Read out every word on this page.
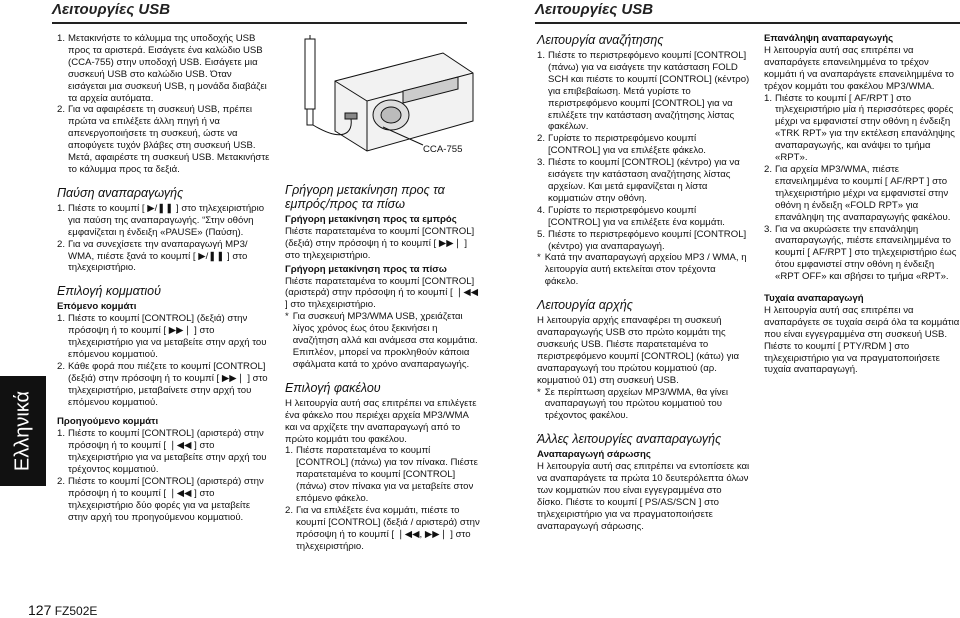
Λειτουργίες USB	Λειτουργίες USB
1. Μετακινήστε το κάλυμμα της υποδοχής USB προς τα αριστερά. Εισάγετε ένα καλώδιο USB (CCA-755) στην υποδοχή USB. Εισάγετε μια συσκευή USB στο καλώδιο USB. Όταν εισάγεται μια συσκευή USB, η μονάδα διαβάζει τα αρχεία αυτόματα.
2. Για να αφαιρέσετε τη συσκευή USB, πρέπει πρώτα να επιλέξετε άλλη πηγή ή να απενεργοποιήσετε τη συσκευή, ώστε να αποφύγετε τυχόν βλάβες στη συσκευή USB. Μετά, αφαιρέστε τη συσκευή USB. Μετακινήστε το κάλυμμα προς τα δεξιά.

Παύση αναπαραγωγής

1. Πιέστε το κουμπί [ ▶/❚❚ ] στο τηλεχειριστήριο για παύση της αναπαραγωγής. “Στην οθόνη εμφανίζεται η ένδειξη «PAUSE» (Παύση).
2. Για να συνεχίσετε την αναπαραγωγή MP3/ WMA, πιέστε ξανά το κουμπί [ ▶/❚❚ ] στο τηλεχειριστήριο.

Επιλογή κομματιού

Επόμενο κομμάτι

1. Πιέστε το κουμπί [CONTROL] (δεξιά) στην πρόσοψη ή το κουμπί [ ▶▶❘ ] στο τηλεχειριστήριο για να μεταβείτε στην αρχή του επόμενου κομματιού.
2. Κάθε φορά που πιέζετε το κουμπί [CONTROL] (δεξιά) στην πρόσοψη ή το κουμπί [ ▶▶❘ ] στο τηλεχειριστήριο, μεταβαίνετε στην αρχή του επόμενου κομματιού.

Προηγούμενο κομμάτι

1. Πιέστε το κουμπί [CONTROL] (αριστερά) στην πρόσοψη ή το κουμπί [ ❘◀◀ ] στο τηλεχειριστήριο για να μεταβείτε στην αρχή του τρέχοντος κομματιού.
2. Πιέστε το κουμπί [CONTROL] (αριστερά) στην πρόσοψη ή το κουμπί [ ❘◀◀ ] στο τηλεχειριστήριο δύο φορές για να μεταβείτε στην αρχή του προηγούμενου κομματιού.
CCA-755

Γρήγορη μετακίνηση προς τα εμπρός/προς τα πίσω

Γρήγορη μετακίνηση προς τα εμπρός

Πιέστε παρατεταμένα το κουμπί [CONTROL] (δεξιά) στην πρόσοψη ή το κουμπί [ ▶▶❘ ] στο τηλεχειριστήριο.

Γρήγορη μετακίνηση προς τα πίσω

Πιέστε παρατεταμένα το κουμπί [CONTROL] (αριστερά) στην πρόσοψη ή το κουμπί [ ❘◀◀ ] στο τηλεχειριστήριο.

* Για συσκευή MP3/WMA USB, χρειάζεται λίγος χρόνος έως ότου ξεκινήσει η αναζήτηση αλλά και ανάμεσα στα κομμάτια. Επιπλέον, μπορεί να προκληθούν κάποια σφάλματα κατά το χρόνο αναπαραγωγής.

Επιλογή φακέλου

Η λειτουργία αυτή σας επιτρέπει να επιλέγετε ένα φάκελο που περιέχει αρχεία MP3/WMA και να αρχίζετε την αναπαραγωγή από το πρώτο κομμάτι του φακέλου.

1. Πιέστε παρατεταμένα το κουμπί [CONTROL] (πάνω) για τον πίνακα. Πιέστε παρατεταμένα το κουμπί [CONTROL] (πάνω) στον πίνακα για να μεταβείτε στον επόμενο φάκελο.
2. Για να επιλέξετε ένα κομμάτι, πιέστε το κουμπί [CONTROL] (δεξιά / αριστερά) στην πρόσοψη ή το κουμπί [ ❘◀◀, ▶▶❘ ] στο τηλεχειριστήριο.

Λειτουργία αναζήτησης

1. Πιέστε το περιστρεφόμενο κουμπί [CONTROL] (πάνω) για να εισάγετε την κατάσταση FOLD SCH και πιέστε το κουμπί [CONTROL] (κέντρο) για επιβεβαίωση. Μετά γυρίστε το περιστρεφόμενο κουμπί [CONTROL] για να επιλέξετε την κατάσταση αναζήτησης λίστας φακέλων.
2. Γυρίστε το περιστρεφόμενο κουμπί [CONTROL] για να επιλέξετε φάκελο.
3. Πιέστε το κουμπί [CONTROL] (κέντρο) για να εισάγετε την κατάσταση αναζήτησης λίστας αρχείων. Και μετά εμφανίζεται η λίστα κομματιών στην οθόνη.
4. Γυρίστε το περιστρεφόμενο κουμπί [CONTROL] για να επιλέξετε ένα κομμάτι.
5. Πιέστε το περιστρεφόμενο κουμπί [CONTROL] (κέντρο) για αναπαραγωγή.
* Κατά την αναπαραγωγή αρχείου MP3 / WMA, η λειτουργία αυτή εκτελείται στον τρέχοντα φάκελο.

Λειτουργία αρχής

Η λειτουργία αρχής επαναφέρει τη συσκευή αναπαραγωγής USB στο πρώτο κομμάτι της συσκευής USB. Πιέστε παρατεταμένα το περιστρεφόμενο κουμπί [CONTROL] (κάτω) για αναπαραγωγή του πρώτου κομματιού (αρ. κομματιού 01) στη συσκευή USB.

* Σε περίπτωση αρχείων MP3/WMA, θα γίνει αναπαραγωγή του πρώτου κομματιού του τρέχοντος φακέλου.

Άλλες λειτουργίες αναπαραγωγής

Αναπαραγωγή σάρωσης

Η λειτουργία αυτή σας επιτρέπει να εντοπίσετε και να αναπαράγετε τα πρώτα 10 δευτερόλεπτα όλων των κομματιών που είναι εγγεγραμμένα στο δίσκο. Πιέστε το κουμπί [ PS/AS/SCN ] στο τηλεχειριστήριο για να πραγματοποιήσετε αναπαραγωγή σάρωσης.

Επανάληψη αναπαραγωγής

Η λειτουργία αυτή σας επιτρέπει να αναπαράγετε επανειλημμένα το τρέχον κομμάτι ή να αναπαράγετε επανειλημμένα το τρέχον κομμάτι του φακέλου MP3/WMA.

1. Πιέστε το κουμπί [ AF/RPT ] στο τηλεχειριστήριο μία ή περισσότερες φορές μέχρι να εμφανιστεί στην οθόνη η ένδειξη «TRK RPT» για την εκτέλεση επανάληψης αναπαραγωγής, και ανάψει το τμήμα «RPT».
2. Για αρχεία MP3/WMA, πιέστε επανειλημμένα το κουμπί [ AF/RPT ] στο τηλεχειριστήριο μέχρι να εμφανιστεί στην οθόνη η ένδειξη «FOLD RPT» για επανάληψη της αναπαραγωγής φακέλου.
3. Για να ακυρώσετε την επανάληψη αναπαραγωγής, πιέστε επανειλημμένα το κουμπί [ AF/RPT ] στο τηλεχειριστήριο έως ότου εμφανιστεί στην οθόνη η ένδειξη «RPT OFF» και σβήσει το τμήμα «RPT».

Τυχαία αναπαραγωγή

Η λειτουργία αυτή σας επιτρέπει να αναπαράγετε σε τυχαία σειρά όλα τα κομμάτια που είναι εγγεγραμμένα στη συσκευή USB. Πιέστε το κουμπί [ PTY/RDM ] στο τηλεχειριστήριο για να πραγματοποιήσετε τυχαία αναπαραγωγή.

Ελληνικά
127 FZ502E
